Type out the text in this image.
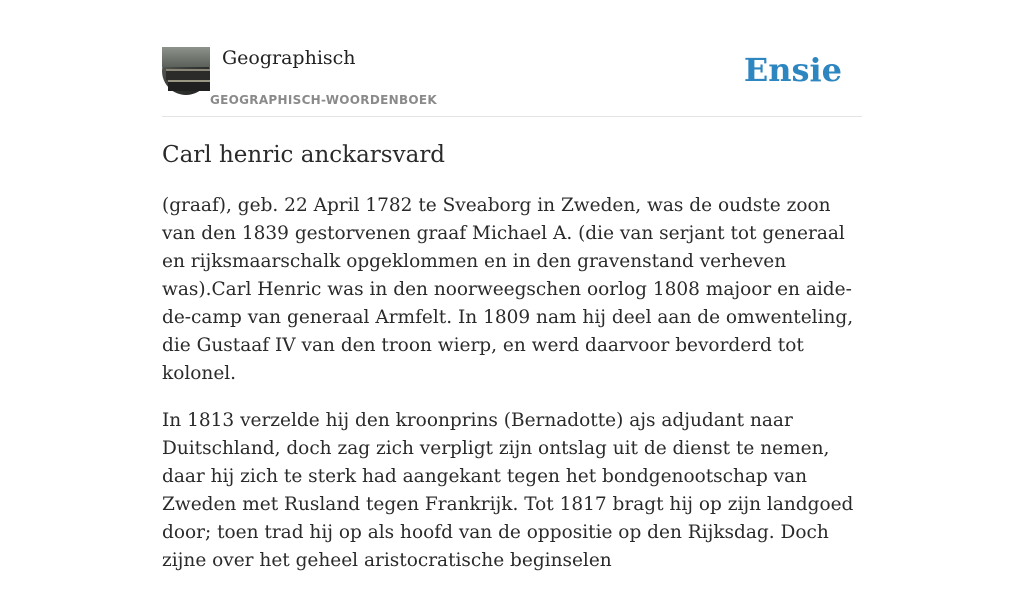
Geographisch
GEOGRAPHISCH-WOORDENBOEK
Ensie
Carl henric anckarsvard

(graaf), geb. 22 April 1782 te Sveaborg in Zweden, was de oudste zoon van den 1839 gestorvenen graaf Michael A. (die van serjant tot generaal en rijksmaarschalk opgeklommen en in den gravenstand verheven was).Carl Henric was in den noorweegschen oorlog 1808 majoor en aide-de-camp van generaal Armfelt. In 1809 nam hij deel aan de omwenteling, die Gustaaf IV van den troon wierp, en werd daarvoor bevorderd tot kolonel.

In 1813 verzelde hij den kroonprins (Bernadotte) ajs adjudant naar Duitschland, doch zag zich verpligt zijn ontslag uit de dienst te nemen, daar hij zich te sterk had aangekant tegen het bondgenootschap van Zweden met Rusland tegen Frankrijk. Tot 1817 bragt hij op zijn landgoed door; toen trad hij op als hoofd van de oppositie op den Rijksdag. Doch zijne over het geheel aristocratische beginselen
